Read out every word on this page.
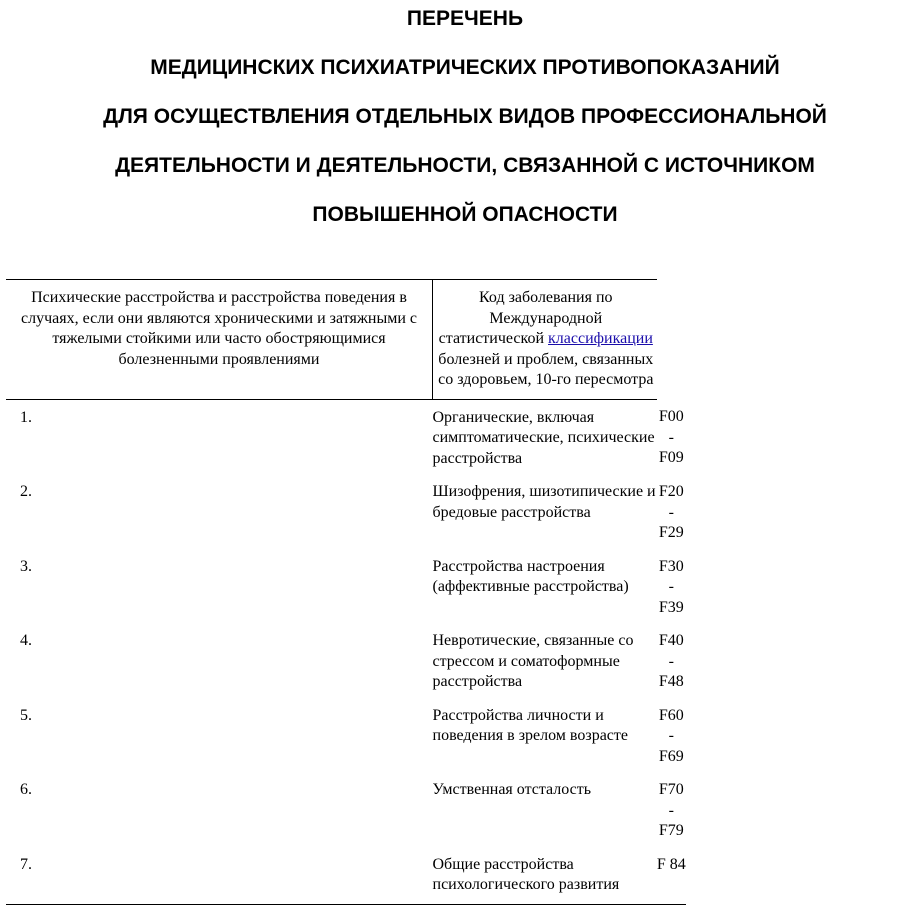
ПЕРЕЧЕНЬ
МЕДИЦИНСКИХ ПСИХИАТРИЧЕСКИХ ПРОТИВОПОКАЗАНИЙ
ДЛЯ ОСУЩЕСТВЛЕНИЯ ОТДЕЛЬНЫХ ВИДОВ ПРОФЕССИОНАЛЬНОЙ
ДЕЯТЕЛЬНОСТИ И ДЕЯТЕЛЬНОСТИ, СВЯЗАННОЙ С ИСТОЧНИКОМ
ПОВЫШЕННОЙ ОПАСНОСТИ
Психические расстройства и расстройства поведения в случаях, если они являются хроническими и затяжными с тяжелыми стойкими или часто обостряющимися болезненными проявлениями	Код заболевания по Международной статистической классификации болезней и проблем, связанных со здоровьем, 10-го пересмотра	
1.	Органические, включая симптоматические, психические расстройства	F00 - F09
2.	Шизофрения, шизотипические и бредовые расстройства	F20 - F29
3.	Расстройства настроения (аффективные расстройства)	F30 - F39
4.	Невротические, связанные со стрессом и соматоформные расстройства	F40 - F48
5.	Расстройства личности и поведения в зрелом возрасте	F60 - F69
6.	Умственная отсталость	F70 - F79
7.	Общие расстройства психологического развития	F 84
